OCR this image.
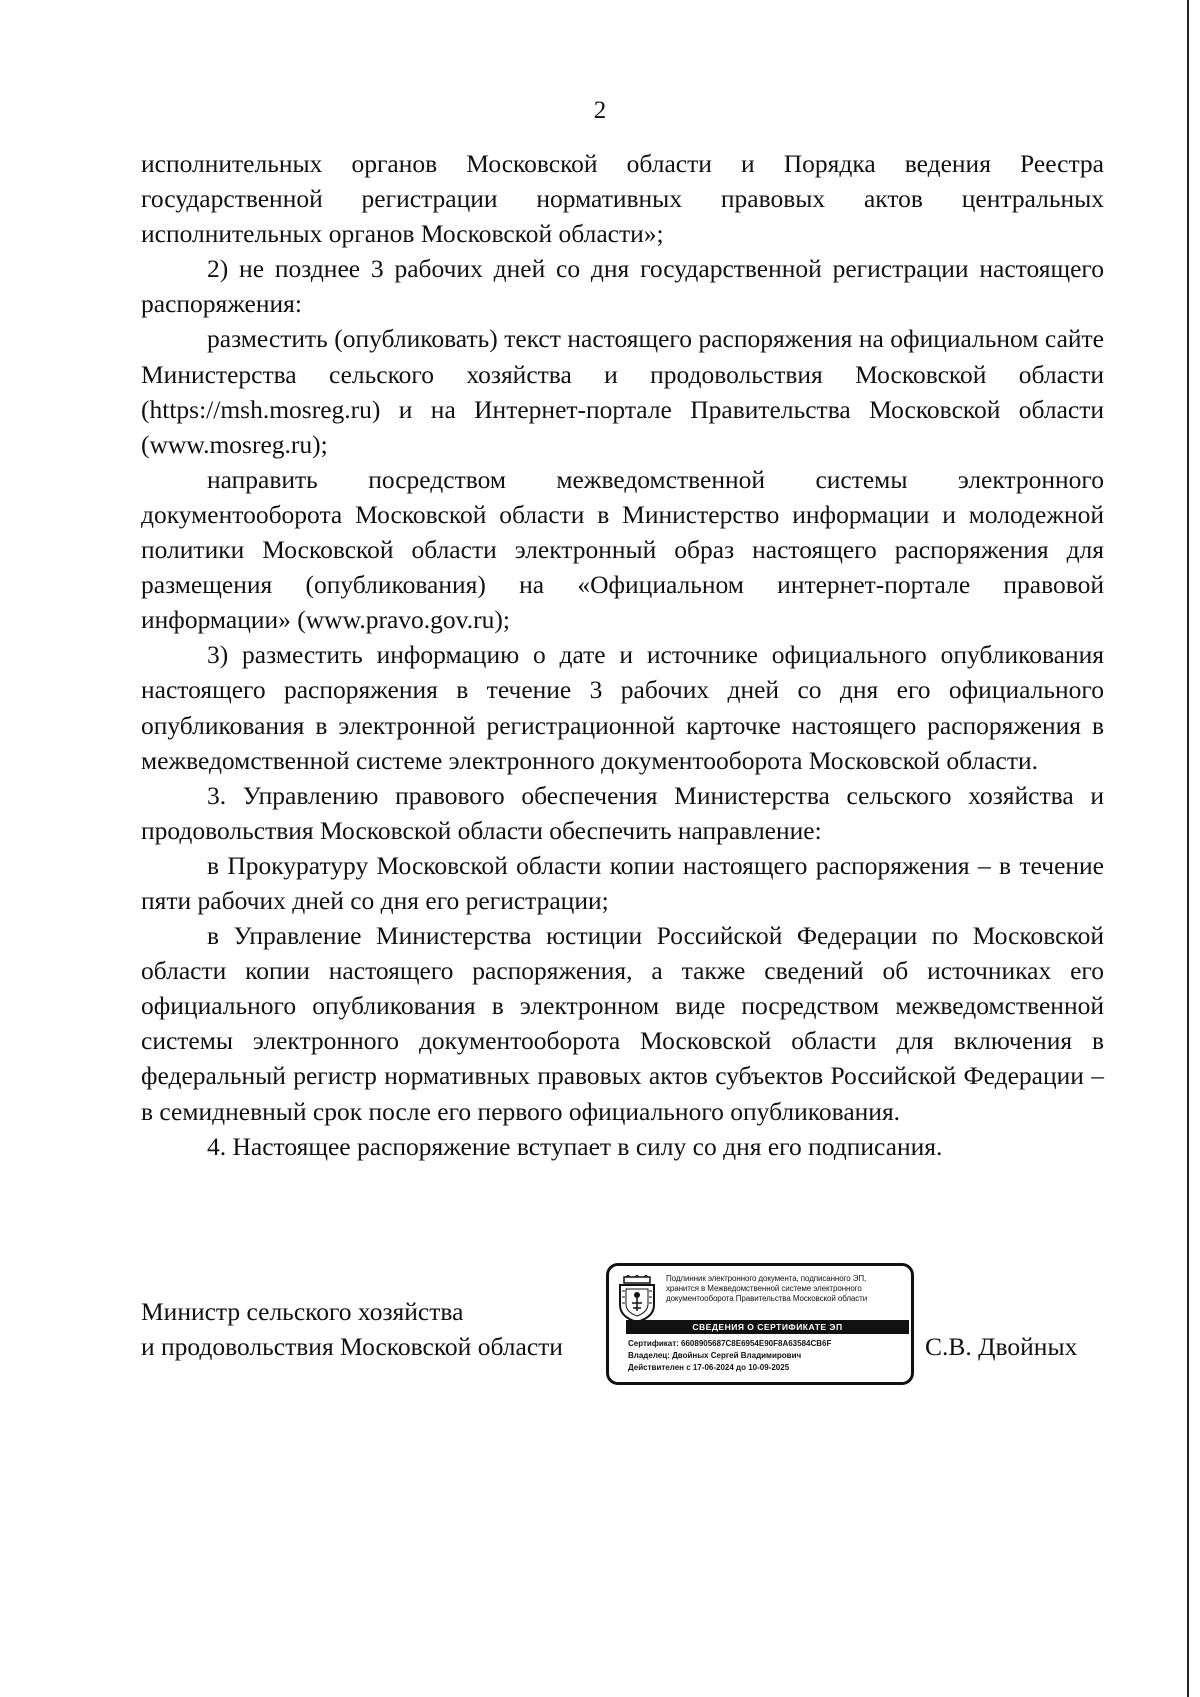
2

исполнительных органов Московской области и Порядка ведения Реестра государственной регистрации нормативных правовых актов центральных исполнительных органов Московской области»;

2) не позднее 3 рабочих дней со дня государственной регистрации настоящего распоряжения:

разместить (опубликовать) текст настоящего распоряжения на официальном сайте Министерства сельского хозяйства и продовольствия Московской области (https://msh.mosreg.ru) и на Интернет-портале Правительства Московской области (www.mosreg.ru);

направить посредством межведомственной системы электронного документооборота Московской области в Министерство информации и молодежной политики Московской области электронный образ настоящего распоряжения для размещения (опубликования) на «Официальном интернет-портале правовой информации» (www.pravo.gov.ru);

3) разместить информацию о дате и источнике официального опубликования настоящего распоряжения в течение 3 рабочих дней со дня его официального опубликования в электронной регистрационной карточке настоящего распоряжения в межведомственной системе электронного документооборота Московской области.

3. Управлению правового обеспечения Министерства сельского хозяйства и продовольствия Московской области обеспечить направление:

в Прокуратуру Московской области копии настоящего распоряжения – в течение пяти рабочих дней со дня его регистрации;

в Управление Министерства юстиции Российской Федерации по Московской области копии настоящего распоряжения, а также сведений об источниках его официального опубликования в электронном виде посредством межведомственной системы электронного документооборота Московской области для включения в федеральный регистр нормативных правовых актов субъектов Российской Федерации – в семидневный срок после его первого официального опубликования.

4. Настоящее распоряжение вступает в силу со дня его подписания.

Министр сельского хозяйства
и продовольствия Московской области
Подлинник электронного документа, подписанного ЭП,
хранится в Межведомственной системе электронного
документооборота Правительства Московской области
СВЕДЕНИЯ О СЕРТИФИКАТЕ ЭП
Сертификат: 6608905687C8E6954E90F8A63584CB6F
Владелец: Двойных Сергей Владимирович
Действителен с 17-06-2024 до 10-09-2025
С.В. Двойных
